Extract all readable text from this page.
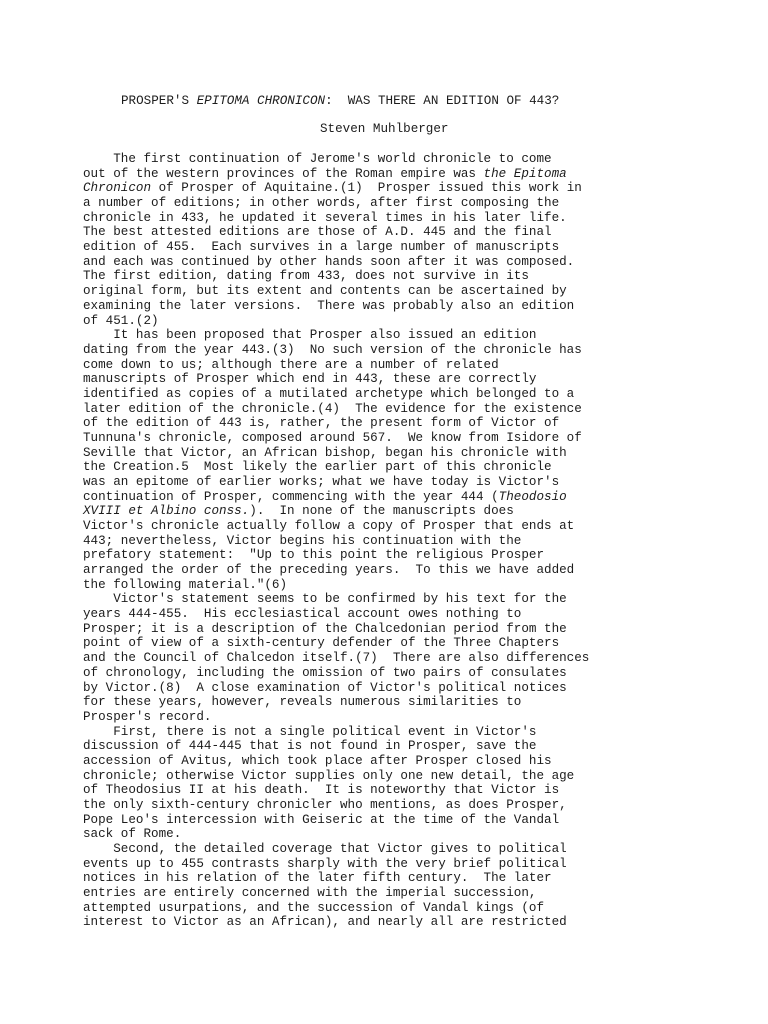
PROSPER'S EPITOMA CHRONICON:  WAS THERE AN EDITION OF 443?
Steven Muhlberger
The first continuation of Jerome's world chronicle to come
out of the western provinces of the Roman empire was the Epitoma
Chronicon of Prosper of Aquitaine.(1)  Prosper issued this work in
a number of editions; in other words, after first composing the
chronicle in 433, he updated it several times in his later life.
The best attested editions are those of A.D. 445 and the final
edition of 455.  Each survives in a large number of manuscripts
and each was continued by other hands soon after it was composed.
The first edition, dating from 433, does not survive in its
original form, but its extent and contents can be ascertained by
examining the later versions.  There was probably also an edition
of 451.(2)
It has been proposed that Prosper also issued an edition
dating from the year 443.(3)  No such version of the chronicle has
come down to us; although there are a number of related
manuscripts of Prosper which end in 443, these are correctly
identified as copies of a mutilated archetype which belonged to a
later edition of the chronicle.(4)  The evidence for the existence
of the edition of 443 is, rather, the present form of Victor of
Tunnuna's chronicle, composed around 567.  We know from Isidore of
Seville that Victor, an African bishop, began his chronicle with
the Creation.5  Most likely the earlier part of this chronicle
was an epitome of earlier works; what we have today is Victor's
continuation of Prosper, commencing with the year 444 (Theodosio
XVIII et Albino conss.).  In none of the manuscripts does
Victor's chronicle actually follow a copy of Prosper that ends at
443; nevertheless, Victor begins his continuation with the
prefatory statement:  "Up to this point the religious Prosper
arranged the order of the preceding years.  To this we have added
the following material."(6)
Victor's statement seems to be confirmed by his text for the
years 444-455.  His ecclesiastical account owes nothing to
Prosper; it is a description of the Chalcedonian period from the
point of view of a sixth-century defender of the Three Chapters
and the Council of Chalcedon itself.(7)  There are also differences
of chronology, including the omission of two pairs of consulates
by Victor.(8)  A close examination of Victor's political notices
for these years, however, reveals numerous similarities to
Prosper's record.
First, there is not a single political event in Victor's
discussion of 444-445 that is not found in Prosper, save the
accession of Avitus, which took place after Prosper closed his
chronicle; otherwise Victor supplies only one new detail, the age
of Theodosius II at his death.  It is noteworthy that Victor is
the only sixth-century chronicler who mentions, as does Prosper,
Pope Leo's intercession with Geiseric at the time of the Vandal
sack of Rome.
Second, the detailed coverage that Victor gives to political
events up to 455 contrasts sharply with the very brief political
notices in his relation of the later fifth century.  The later
entries are entirely concerned with the imperial succession,
attempted usurpations, and the succession of Vandal kings (of
interest to Victor as an African), and nearly all are restricted
